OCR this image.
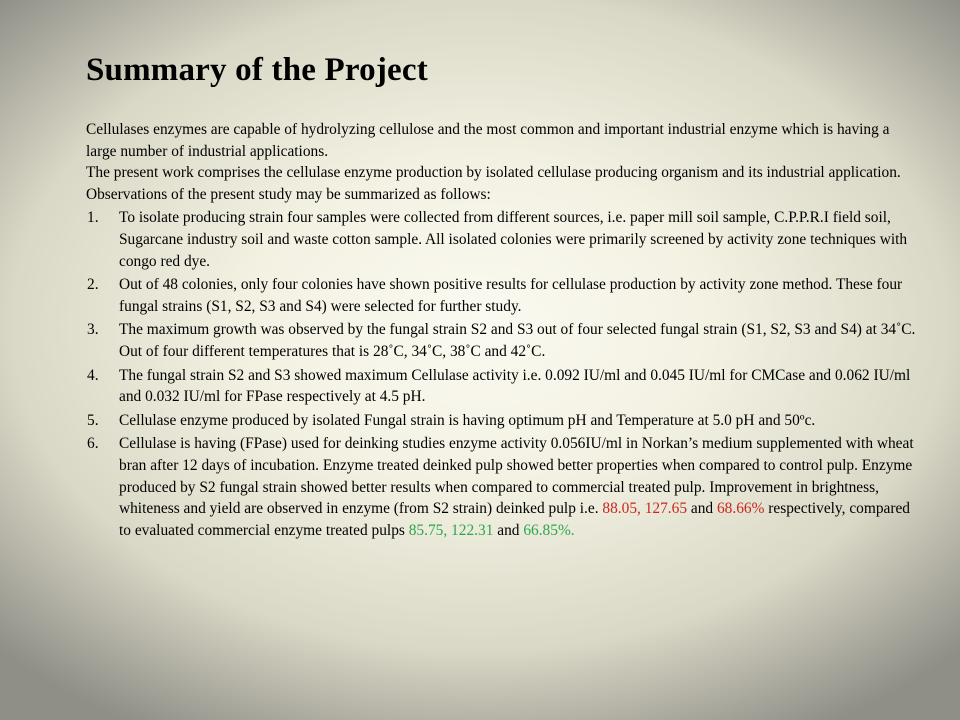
Summary of the Project

Cellulases enzymes are capable of hydrolyzing cellulose and the most common and important industrial enzyme which is having a large number of industrial applications.

The present work comprises the cellulase enzyme production by isolated cellulase producing organism and its industrial application. Observations of the present study may be summarized as follows:

1. To isolate producing strain four samples were collected from different sources, i.e. paper mill soil sample, C.P.P.R.I field soil, Sugarcane industry soil and waste cotton sample. All isolated colonies were primarily screened by activity zone techniques with congo red dye.
2. Out of 48 colonies, only four colonies have shown positive results for cellulase production by activity zone method. These four fungal strains (S1, S2, S3 and S4) were selected for further study.
3. The maximum growth was observed by the fungal strain S2 and S3 out of four selected fungal strain (S1, S2, S3 and S4) at 34˚C. Out of four different temperatures that is 28˚C, 34˚C, 38˚C and 42˚C.
4. The fungal strain S2 and S3 showed maximum Cellulase activity i.e. 0.092 IU/ml and 0.045 IU/ml for CMCase and 0.062 IU/ml and 0.032 IU/ml for FPase respectively at 4.5 pH.
5. Cellulase enzyme produced by isolated Fungal strain is having optimum pH and Temperature at 5.0 pH and 50ºc.
6. Cellulase is having (FPase) used for deinking studies enzyme activity 0.056IU/ml in Norkan’s medium supplemented with wheat bran after 12 days of incubation. Enzyme treated deinked pulp showed better properties when compared to control pulp. Enzyme produced by S2 fungal strain showed better results when compared to commercial treated pulp. Improvement in brightness, whiteness and yield are observed in enzyme (from S2 strain) deinked pulp i.e. 88.05, 127.65 and 68.66% respectively, compared to evaluated commercial enzyme treated pulps 85.75, 122.31 and 66.85%.
